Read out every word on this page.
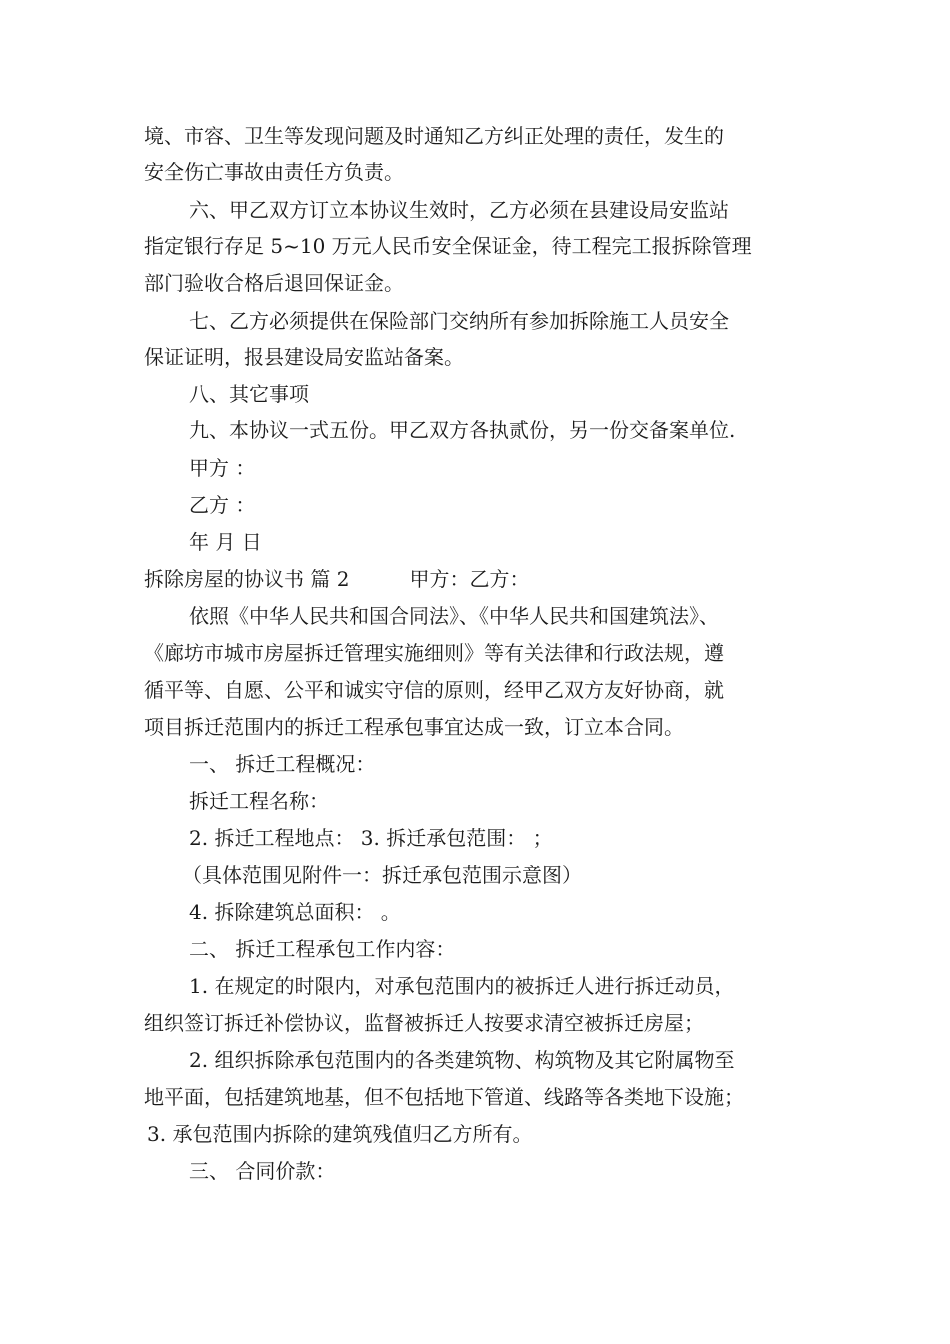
境、市容、卫生等发现问题及时通知乙方纠正处理的责任，发生的
安全伤亡事故由责任方负责。
六、甲乙双方订立本协议生效时，乙方必须在县建设局安监站
指定银行存足 5~10 万元人民币安全保证金，待工程完工报拆除管理
部门验收合格后退回保证金。
七、乙方必须提供在保险部门交纳所有参加拆除施工人员安全
保证证明，报县建设局安监站备案。
八、其它事项
九、本协议一式五份。甲乙双方各执贰份，另一份交备案单位.
甲方 ：
乙方 ：
年 月 日
拆除房屋的协议书 篇 2　　　甲方：乙方：
依照《中华人民共和国合同法》、《中华人民共和国建筑法》、
《廊坊市城市房屋拆迁管理实施细则》等有关法律和行政法规，遵
循平等、自愿、公平和诚实守信的原则，经甲乙双方友好协商，就
项目拆迁范围内的拆迁工程承包事宜达成一致，订立本合同。
一、 拆迁工程概况：
拆迁工程名称：
2. 拆迁工程地点： 3. 拆迁承包范围： ；
（具体范围见附件一：拆迁承包范围示意图）
4. 拆除建筑总面积： 。
二、 拆迁工程承包工作内容：
1. 在规定的时限内，对承包范围内的被拆迁人进行拆迁动员，
组织签订拆迁补偿协议，监督被拆迁人按要求清空被拆迁房屋；
2. 组织拆除承包范围内的各类建筑物、构筑物及其它附属物至
地平面，包括建筑地基，但不包括地下管道、线路等各类地下设施；
3. 承包范围内拆除的建筑残值归乙方所有。
三、 合同价款：
